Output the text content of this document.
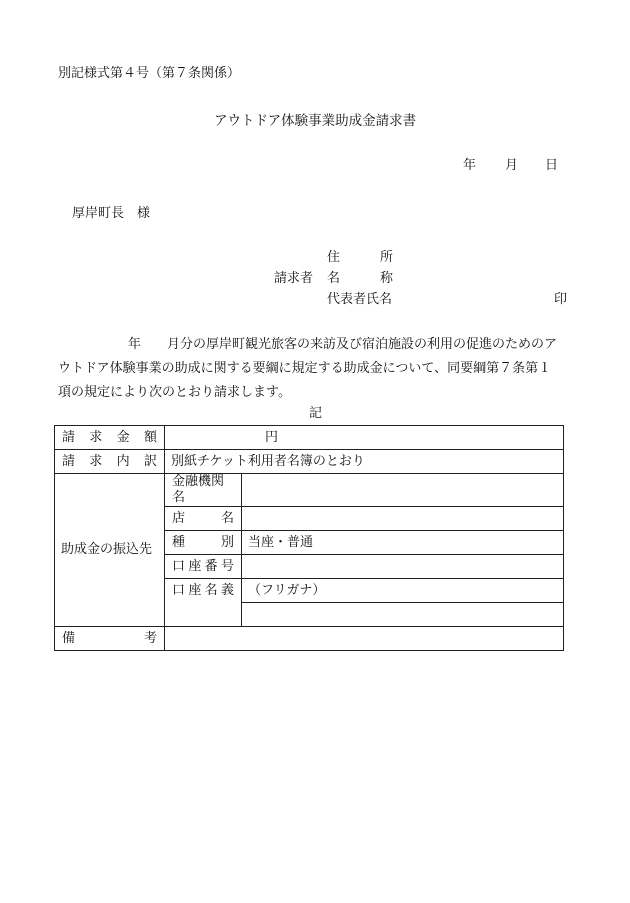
別記様式第４号（第７条関係）
アウトドア体験事業助成金請求書
年 月 日
厚岸町長　様
住	所
請求者 名	称
代表者氏名	印
年　　月分の厚岸町観光旅客の来訪及び宿泊施設の利用の促進のためのア
ウトドア体験事業の助成に関する要綱に規定する助成金について、同要綱第７条第１
項の規定により次のとおり請求します。
記
請 求 金 額	円	

請 求 内 訳	別紙チケット利用者名簿のとおり	
助成金の振込先	金融機関名	

	店 名	

	種 別	当座・普通

	口 座 番 号	

	口 座 名 義	（フリガナ）

備 考		
